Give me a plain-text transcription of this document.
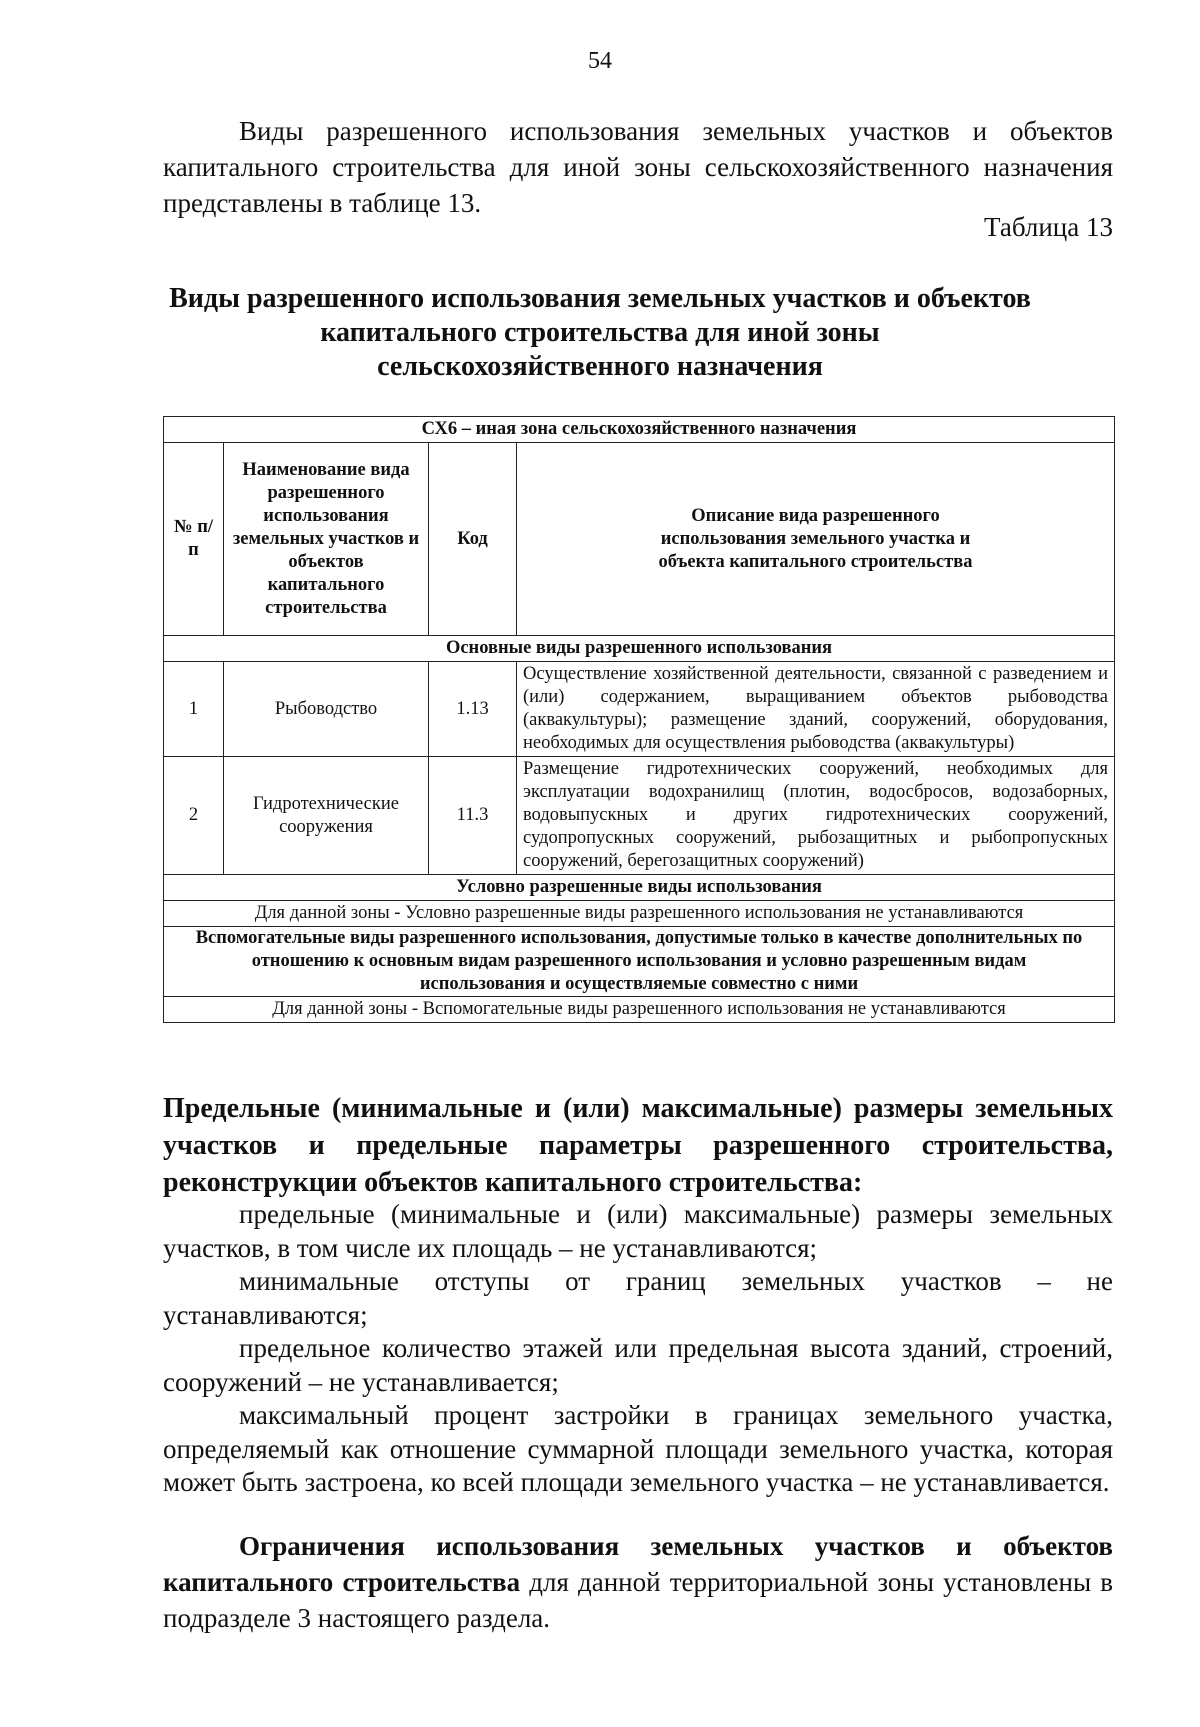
54
Виды разрешенного использования земельных участков и объектов капитального строительства для иной зоны сельскохозяйственного назначения представлены в таблице 13.
Таблица 13
Виды разрешенного использования земельных участков и объектов
капитального строительства для иной зоны
сельскохозяйственного назначения
СХ6 – иная зона сельскохозяйственного назначения			
№ п/п	Наименование вида разрешенного использования земельных участков и объектов капитального строительства	Код	Описание вида разрешенного использования земельного участка и объекта капитального строительства
Основные виды разрешенного использования			
1	Рыбоводство	1.13	Осуществление хозяйственной деятельности, связанной с разведением и (или) содержанием, выращиванием объектов рыбоводства (аквакультуры); размещение зданий, сооружений, оборудования, необходимых для осуществления рыбоводства (аквакультуры)
2	Гидротехнические сооружения	11.3	Размещение гидротехнических сооружений, необходимых для эксплуатации водохранилищ (плотин, водосбросов, водозаборных, водовыпускных и других гидротехнических сооружений, судопропускных сооружений, рыбозащитных и рыбопропускных сооружений, берегозащитных сооружений)
Условно разрешенные виды использования			
Для данной зоны - Условно разрешенные виды разрешенного использования не устанавливаются			
Вспомогательные виды разрешенного использования, допустимые только в качестве дополнительных по отношению к основным видам разрешенного использования и условно разрешенным видам использования и осуществляемые совместно с ними			
Для данной зоны - Вспомогательные виды разрешенного использования не устанавливаются			
Предельные (минимальные и (или) максимальные) размеры земельных участков и предельные параметры разрешенного строительства, реконструкции объектов капитального строительства:

предельные (минимальные и (или) максимальные) размеры земельных участков, в том числе их площадь – не устанавливаются;

минимальные отступы от границ земельных участков – не устанавливаются;

предельное количество этажей или предельная высота зданий, строений, сооружений – не устанавливается;

максимальный процент застройки в границах земельного участка, определяемый как отношение суммарной площади земельного участка, которая может быть застроена, ко всей площади земельного участка – не устанавливается.

Ограничения использования земельных участков и объектов капитального строительства для данной территориальной зоны установлены в подразделе 3 настоящего раздела.
